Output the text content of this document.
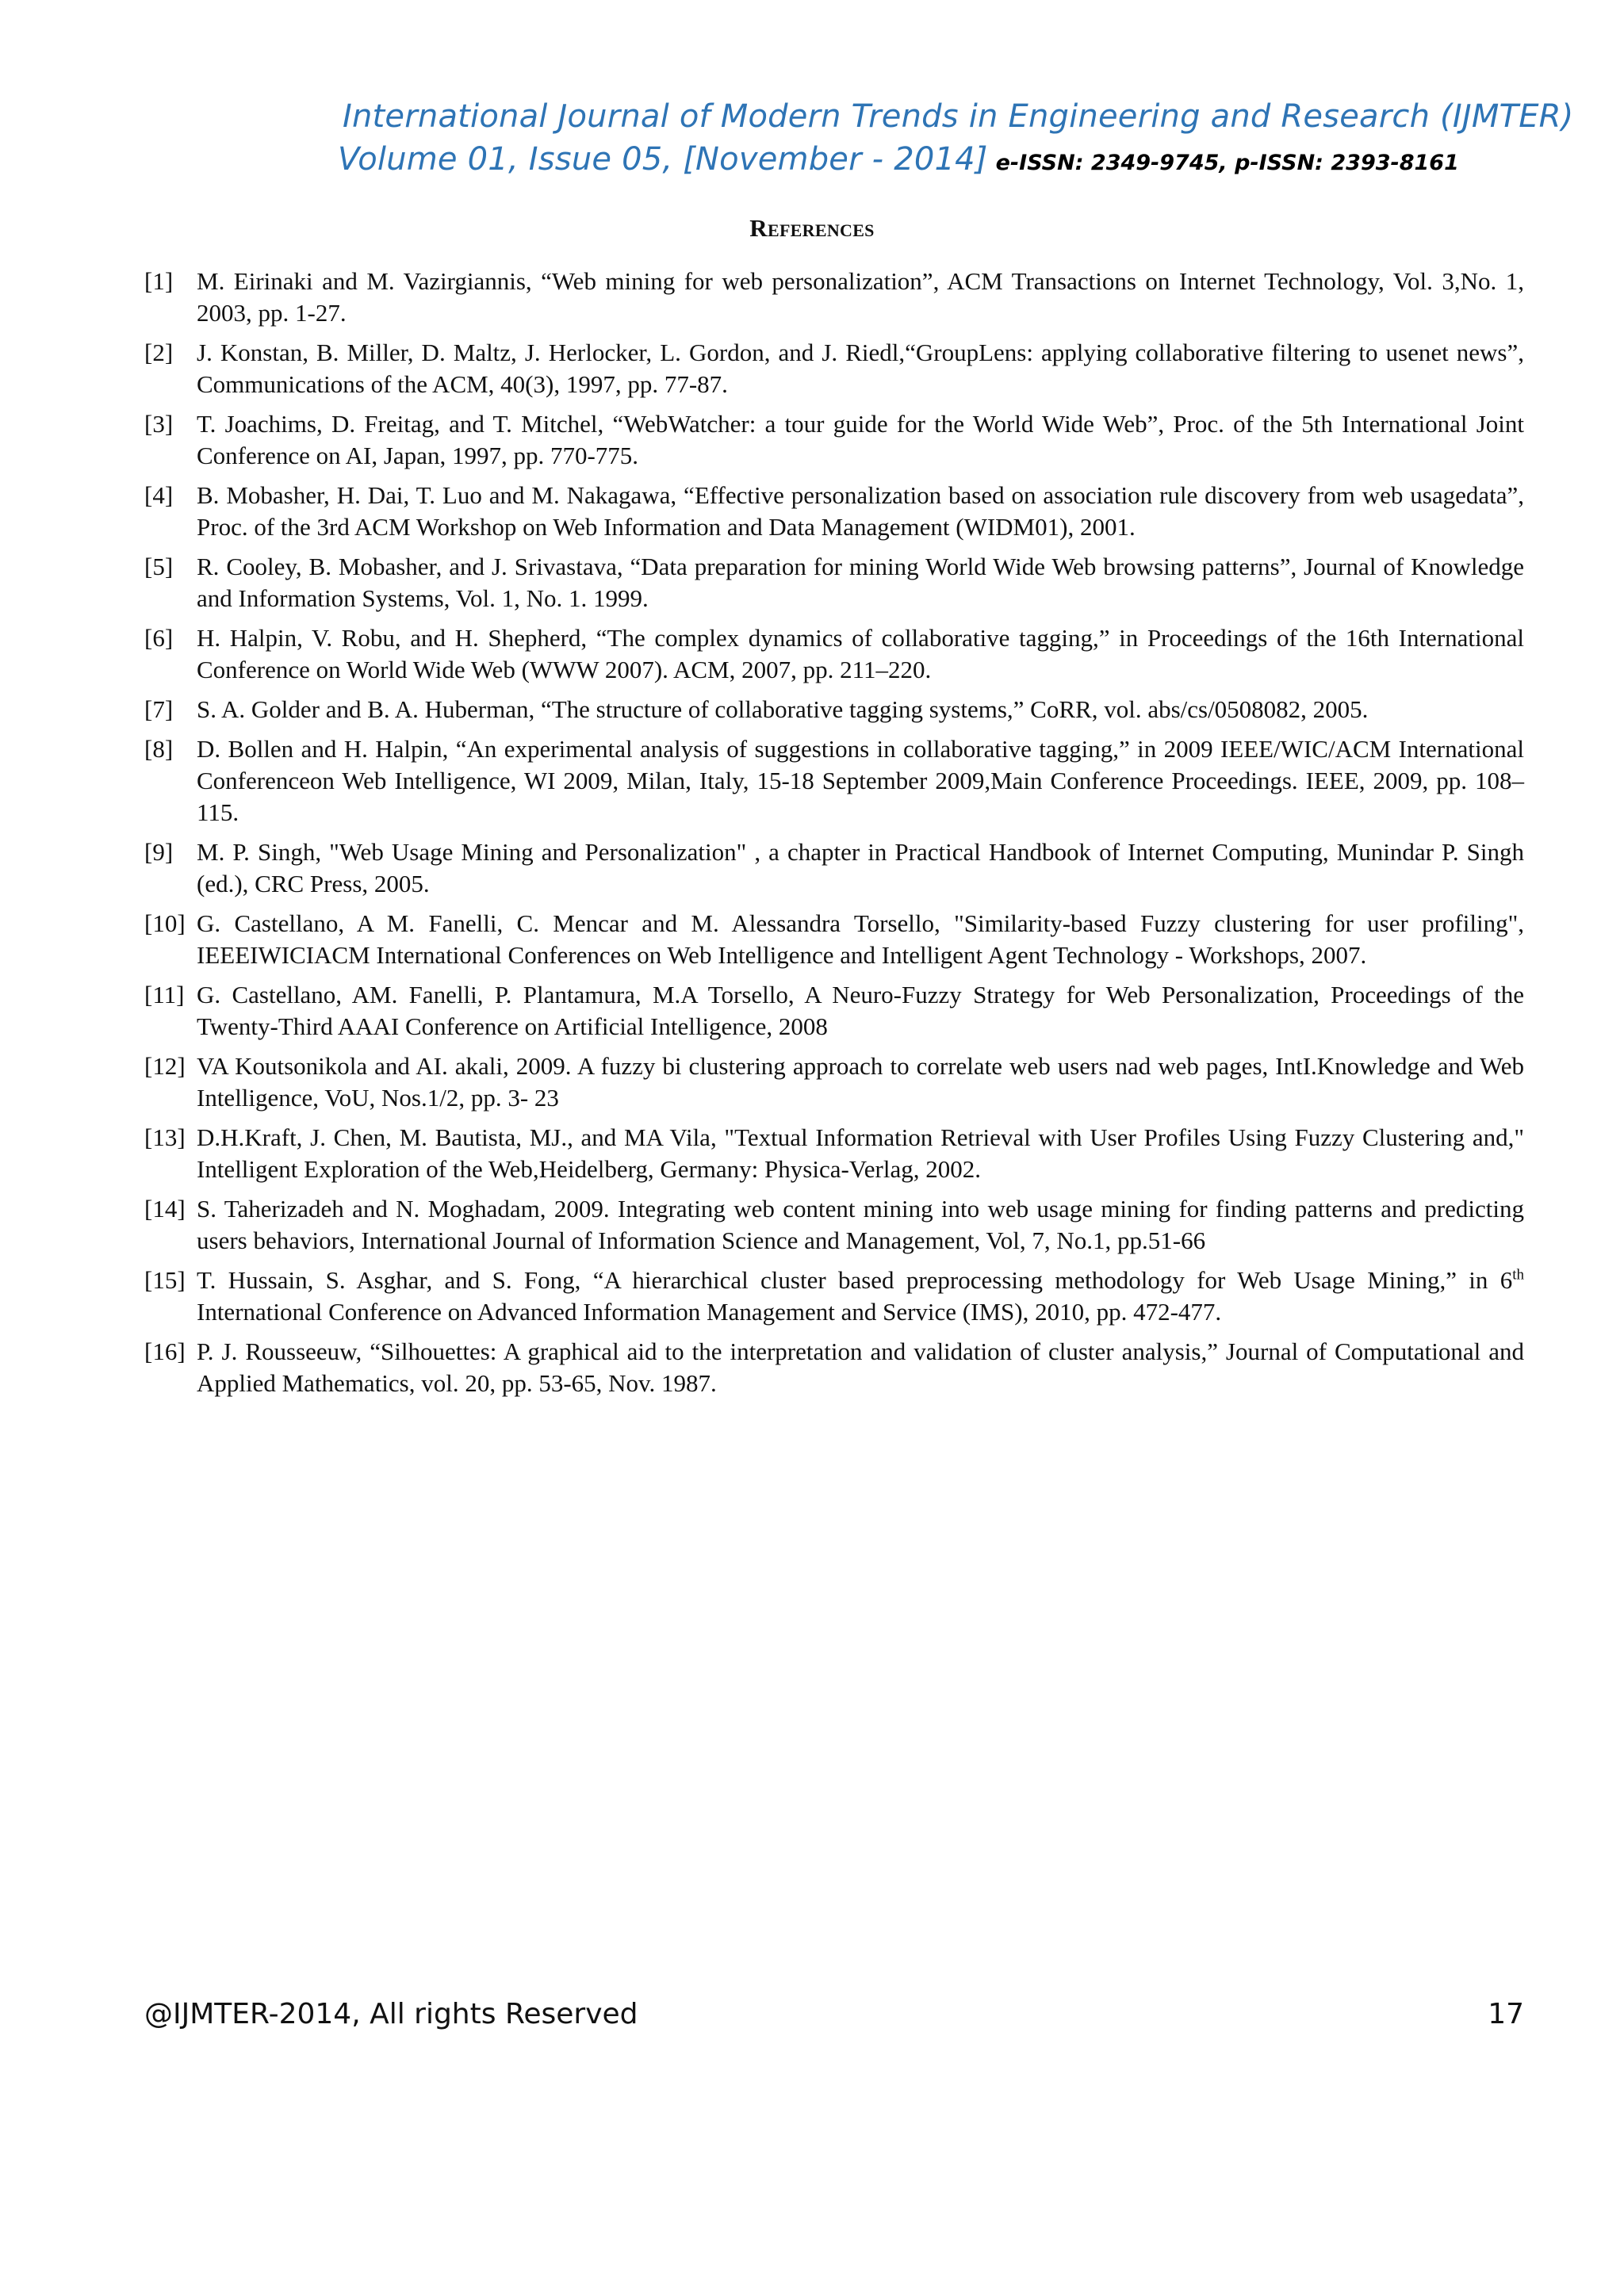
International Journal of Modern Trends in Engineering and Research (IJMTER)
Volume 01, Issue 05, [November - 2014] e-ISSN: 2349-9745, p-ISSN: 2393-8161
References
[1] M. Eirinaki and M. Vazirgiannis, “Web mining for web personalization”, ACM Transactions on Internet Technology, Vol. 3,No. 1, 2003, pp. 1-27.
[2] J. Konstan, B. Miller, D. Maltz, J. Herlocker, L. Gordon, and J. Riedl,“GroupLens: applying collaborative filtering to usenet news”, Communications of the ACM, 40(3), 1997, pp. 77-87.
[3] T. Joachims, D. Freitag, and T. Mitchel, “WebWatcher: a tour guide for the World Wide Web”, Proc. of the 5th International Joint Conference on AI, Japan, 1997, pp. 770-775.
[4] B. Mobasher, H. Dai, T. Luo and M. Nakagawa, “Effective personalization based on association rule discovery from web usagedata”, Proc. of the 3rd ACM Workshop on Web Information and Data Management (WIDM01), 2001.
[5] R. Cooley, B. Mobasher, and J. Srivastava, “Data preparation for mining World Wide Web browsing patterns”, Journal of Knowledge and Information Systems, Vol. 1, No. 1. 1999.
[6] H. Halpin, V. Robu, and H. Shepherd, “The complex dynamics of collaborative tagging,” in Proceedings of the 16th International Conference on World Wide Web (WWW 2007). ACM, 2007, pp. 211–220.
[7] S. A. Golder and B. A. Huberman, “The structure of collaborative tagging systems,” CoRR, vol. abs/cs/0508082, 2005.
[8] D. Bollen and H. Halpin, “An experimental analysis of suggestions in collaborative tagging,” in 2009 IEEE/WIC/ACM International Conferenceon Web Intelligence, WI 2009, Milan, Italy, 15-18 September 2009,Main Conference Proceedings. IEEE, 2009, pp. 108–115.
[9] M. P. Singh, "Web Usage Mining and Personalization" , a chapter in Practical Handbook of Internet Computing, Munindar P. Singh (ed.), CRC Press, 2005.
[10] G. Castellano, A M. Fanelli, C. Mencar and M. Alessandra Torsello, "Similarity-based Fuzzy clustering for user profiling", IEEEIWICIACM International Conferences on Web Intelligence and Intelligent Agent Technology - Workshops, 2007.
[11] G. Castellano, AM. Fanelli, P. Plantamura, M.A Torsello, A Neuro-Fuzzy Strategy for Web Personalization, Proceedings of the Twenty-Third AAAI Conference on Artificial Intelligence, 2008
[12] VA Koutsonikola and AI. akali, 2009. A fuzzy bi clustering approach to correlate web users nad web pages, IntI.Knowledge and Web Intelligence, VoU, Nos.1/2, pp. 3- 23
[13] D.H.Kraft, J. Chen, M. Bautista, MJ., and MA Vila, "Textual Information Retrieval with User Profiles Using Fuzzy Clustering and," Intelligent Exploration of the Web,Heidelberg, Germany: Physica-Verlag, 2002.
[14] S. Taherizadeh and N. Moghadam, 2009. Integrating web content mining into web usage mining for finding patterns and predicting users behaviors, International Journal of Information Science and Management, Vol, 7, No.1, pp.51-66
[15] T. Hussain, S. Asghar, and S. Fong, “A hierarchical cluster based preprocessing methodology for Web Usage Mining,” in 6th International Conference on Advanced Information Management and Service (IMS), 2010, pp. 472-477.
[16] P. J. Rousseeuw, “Silhouettes: A graphical aid to the interpretation and validation of cluster analysis,” Journal of Computational and Applied Mathematics, vol. 20, pp. 53-65, Nov. 1987.
@IJMTER-2014, All rights Reserved	17
